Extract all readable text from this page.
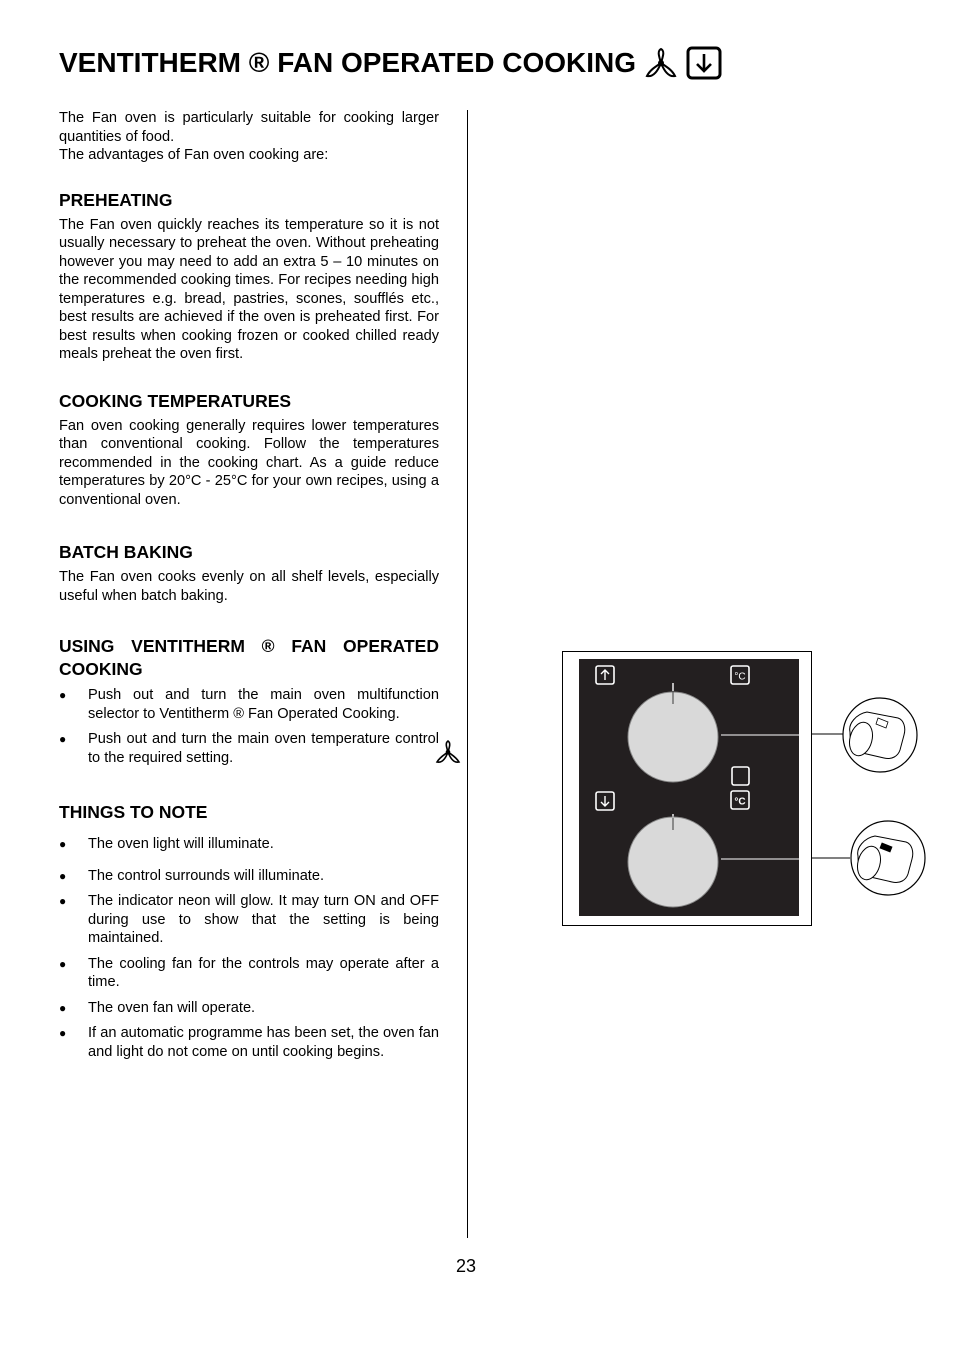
VENTITHERM ® FAN OPERATED COOKING

The Fan oven is particularly suitable for cooking larger quantities of food.

The advantages of Fan oven cooking are:

PREHEATING

The Fan oven quickly reaches its temperature so it is not usually necessary to preheat the oven. Without preheating however you may need to add an extra 5 – 10 minutes on the recommended cooking times. For recipes needing high temperatures e.g. bread, pastries, scones, soufflés etc., best results are achieved if the oven is preheated first. For best results when cooking frozen or cooked chilled ready meals preheat the oven first.

COOKING TEMPERATURES

Fan oven cooking generally requires lower temperatures than conventional cooking. Follow the temperatures recommended in the cooking chart. As a guide reduce temperatures by 20°C - 25°C for your own recipes, using a conventional oven.

BATCH BAKING

The Fan oven cooks evenly on all shelf levels, especially useful when batch baking.

USING VENTITHERM ® FAN OPERATED COOKING
● Push out and turn the main oven multifunction selector to Ventitherm ® Fan Operated Cooking.
● Push out and turn the main oven temperature control to the required setting.
THINGS TO NOTE
● The oven light will illuminate.
● The control surrounds will illuminate.
● The indicator neon will glow. It may turn ON and OFF during use to show that the setting is being maintained.
● The cooling fan for the controls may operate after a time.
● The oven fan will operate.
● If an automatic programme has been set, the oven fan and light do not come on until cooking begins.
°C
°C
23
